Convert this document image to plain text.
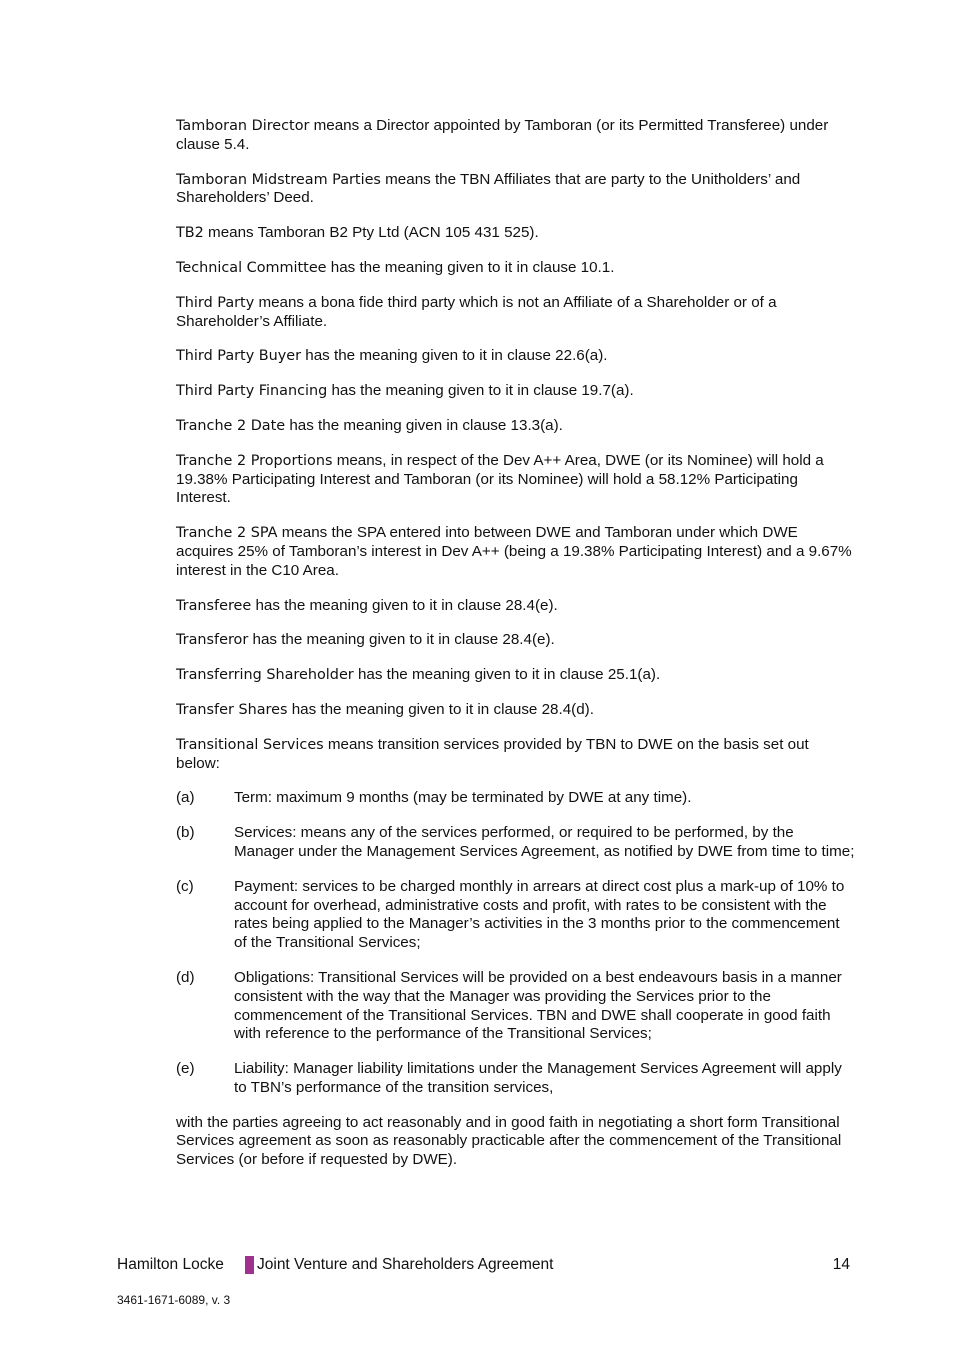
Tamboran Director means a Director appointed by Tamboran (or its Permitted Transferee) under clause 5.4.

Tamboran Midstream Parties means the TBN Affiliates that are party to the Unitholders’ and Shareholders’ Deed.

TB2 means Tamboran B2 Pty Ltd (ACN 105 431 525).

Technical Committee has the meaning given to it in clause 10.1.

Third Party means a bona fide third party which is not an Affiliate of a Shareholder or of a Shareholder’s Affiliate.

Third Party Buyer has the meaning given to it in clause 22.6(a).

Third Party Financing has the meaning given to it in clause 19.7(a).

Tranche 2 Date has the meaning given in clause 13.3(a).

Tranche 2 Proportions means, in respect of the Dev A++ Area, DWE (or its Nominee) will hold a 19.38% Participating Interest and Tamboran (or its Nominee) will hold a 58.12% Participating Interest.

Tranche 2 SPA means the SPA entered into between DWE and Tamboran under which DWE acquires 25% of Tamboran’s interest in Dev A++ (being a 19.38% Participating Interest) and a 9.67% interest in the C10 Area.

Transferee has the meaning given to it in clause 28.4(e).

Transferor has the meaning given to it in clause 28.4(e).

Transferring Shareholder has the meaning given to it in clause 25.1(a).

Transfer Shares has the meaning given to it in clause 28.4(d).

Transitional Services means transition services provided by TBN to DWE on the basis set out below:

(a)	Term: maximum 9 months (may be terminated by DWE at any time).
(b)	Services: means any of the services performed, or required to be performed, by the Manager under the Management Services Agreement, as notified by DWE from time to time;
(c)	Payment: services to be charged monthly in arrears at direct cost plus a mark-up of 10% to account for overhead, administrative costs and profit, with rates to be consistent with the rates being applied to the Manager’s activities in the 3 months prior to the commencement of the Transitional Services;
(d)	Obligations: Transitional Services will be provided on a best endeavours basis in a manner consistent with the way that the Manager was providing the Services prior to the commencement of the Transitional Services. TBN and DWE shall cooperate in good faith with reference to the performance of the Transitional Services;
(e)	Liability: Manager liability limitations under the Management Services Agreement will apply to TBN’s performance of the transition services,

with the parties agreeing to act reasonably and in good faith in negotiating a short form Transitional Services agreement as soon as reasonably practicable after the commencement of the Transitional Services (or before if requested by DWE).

Hamilton Locke Joint Venture and Shareholders Agreement	14
3461-1671-6089, v. 3
